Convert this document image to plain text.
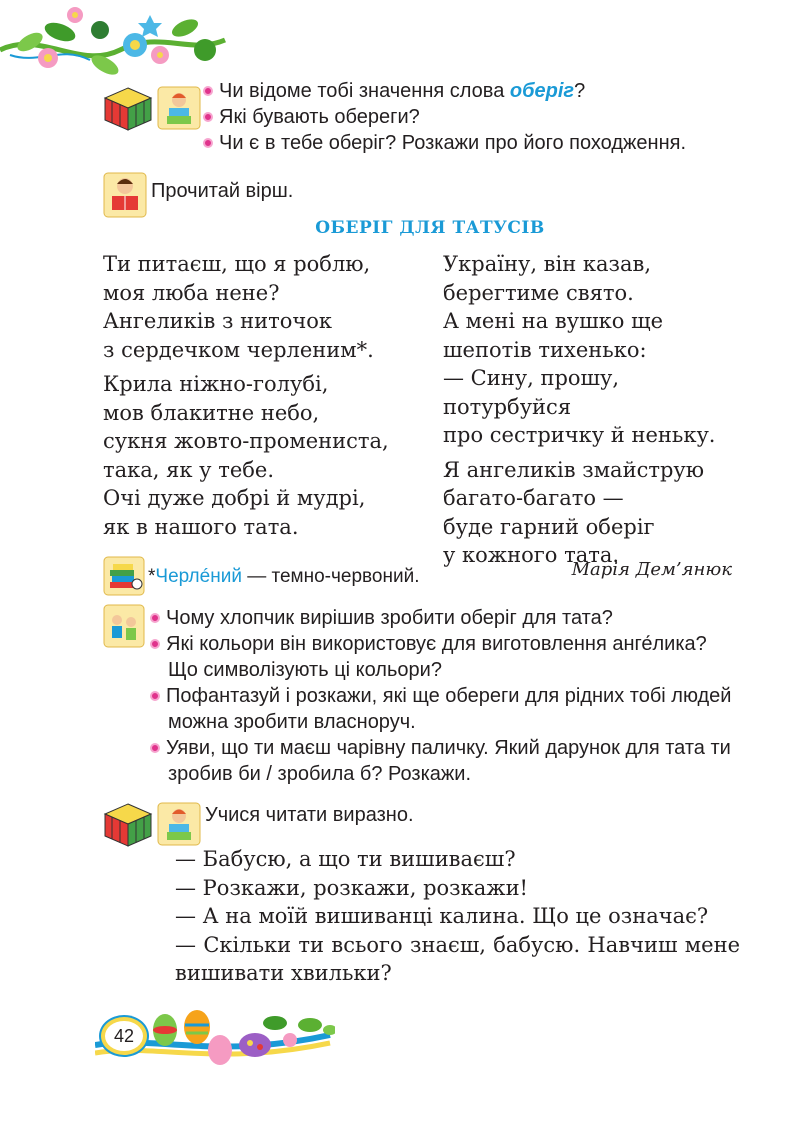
Чи відоме тобі значення слова оберіг?
Які бувають обереги?
Чи є в тебе оберіг? Розкажи про його походження.
Прочитай вірш.
ОБЕРІГ ДЛЯ ТАТУСІВ
Ти питаєш, що я роблю,
моя люба нене?
Ангеликів з ниточок
з сердечком черленим*.
Крила ніжно-голубі,
мов блакитне небо,
сукня жовто-промениста,
така, як у тебе.
Очі дуже добрі й мудрі,
як в нашого тата.
Україну, він казав,
берегтиме свято.
А мені на вушко ще
шепотів тихенько:
— Сину, прошу,
потурбуйся
про сестричку й неньку.
Я ангеликів змайструю
багато-багато —
буде гарний оберіг
у кожного тата.
*Черлéний — темно-червоний.	Марія Дем’янюк
Чому хлопчик вирішив зробити оберіг для тата?
Які кольори він використовує для виготовлення анге́лика? Що символізують ці кольори?
Пофантазуй і розкажи, які ще обереги для рідних тобі людей можна зробити власноруч.
Уяви, що ти маєш чарівну паличку. Який дарунок для тата ти зробив би / зробила б? Розкажи.
Учися читати виразно.
— Бабусю, а що ти вишиваєш?
— Розкажи, розкажи, розкажи!
— А на моїй вишиванці калина. Що це означає?
— Скільки ти всього знаєш, бабусю. Навчиш мене вишивати хвильки?
42
